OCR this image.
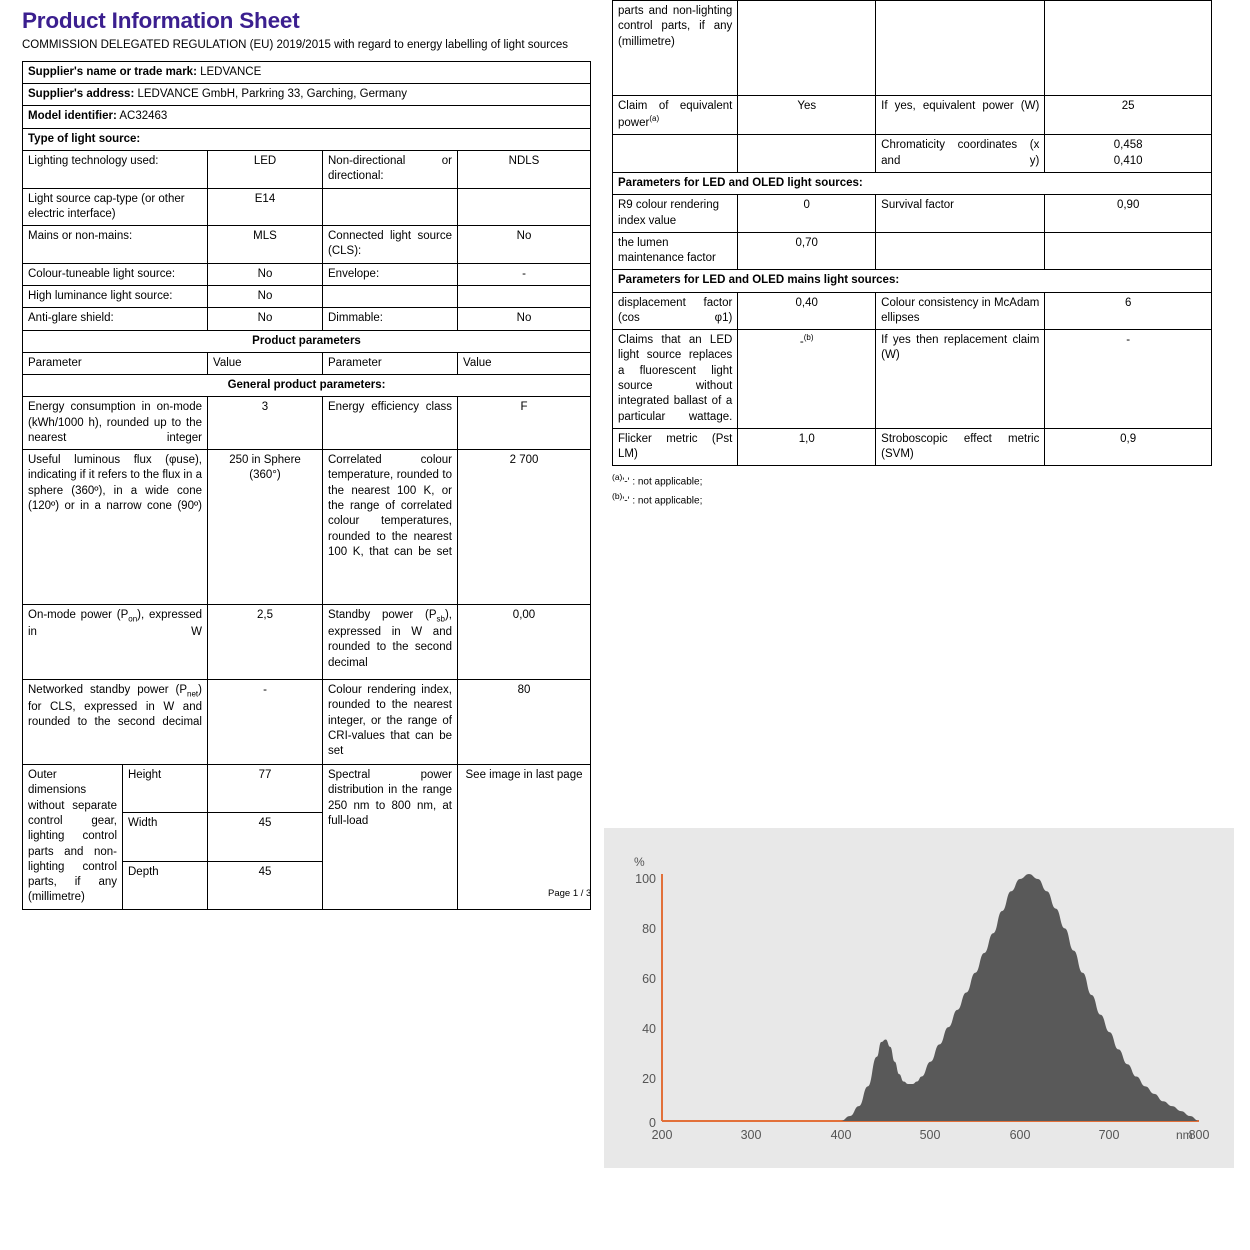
Product Information Sheet

COMMISSION DELEGATED REGULATION (EU) 2019/2015 with regard to energy labelling of light sources

Supplier's name or trade mark: LEDVANCE			
Supplier's address: LEDVANCE GmbH, Parkring 33, Garching, Germany			
Model identifier: AC32463			
Type of light source:			
Lighting technology used:	LED	Non-directional or directional:	NDLS
Light source cap-type (or other electric interface)	E14		
Mains or non-mains:	MLS	Connected light source (CLS):	No
Colour-tuneable light source:	No	Envelope:	-
High luminance light source:	No		
Anti-glare shield:	No	Dimmable:	No
Product parameters			
Parameter	Value	Parameter	Value
General product parameters:			
Energy consumption in on-mode (kWh/1000 h), rounded up to the nearest integer	3	Energy efficiency class	F
Useful luminous flux (φuse), indicating if it refers to the flux in a sphere (360º), in a wide cone (120º) or in a narrow cone (90º)	250 in Sphere (360°)	Correlated colour temperature, rounded to the nearest 100 K, or the range of correlated colour temperatures, rounded to the nearest 100 K, that can be set	2 700
On-mode power $(P_{on})$, expressed in W	2,5	Standby power $(P_{sb})$, expressed in W and rounded to the second decimal	0,00
Networked standby power $(P_{net})$ for CLS, expressed in W and rounded to the second decimal	-	Colour rendering index, rounded to the nearest integer, or the range of CRI-values that can be set	80
Outer dimensions without separate control gear, lighting control parts and non-lighting control parts, if any (millimetre)	Height	77	Spectral power distribution in the range 250 nm to 800 nm, at full-load	See image in last page
	Width	45		
	Depth	45		
Page 1 / 3
parts and non-lighting control parts, if any (millimetre)			
Claim of equivalent power$^{(a)}$	Yes	If yes, equivalent power (W)	25
		Chromaticity coordinates (x and y)	0,458
0,410

Parameters for LED and OLED light sources:			
R9 colour rendering index value	0	Survival factor	0,90
the lumen maintenance factor	0,70		
Parameters for LED and OLED mains light sources:			
displacement factor (cos φ1)	0,40	Colour consistency in McAdam ellipses	6
Claims that an LED light source replaces a fluorescent light source without integrated ballast of a particular wattage.	-$^{(b)}$	If yes then replacement claim (W)	-
Flicker metric (Pst LM)	1,0	Stroboscopic effect metric (SVM)	0,9
$^{(a)}$'-' : not applicable;
$^{(b)}$'-' : not applicable;
%
nm
100
80
60
40
20
0
200	300	400	500	600	700	800
